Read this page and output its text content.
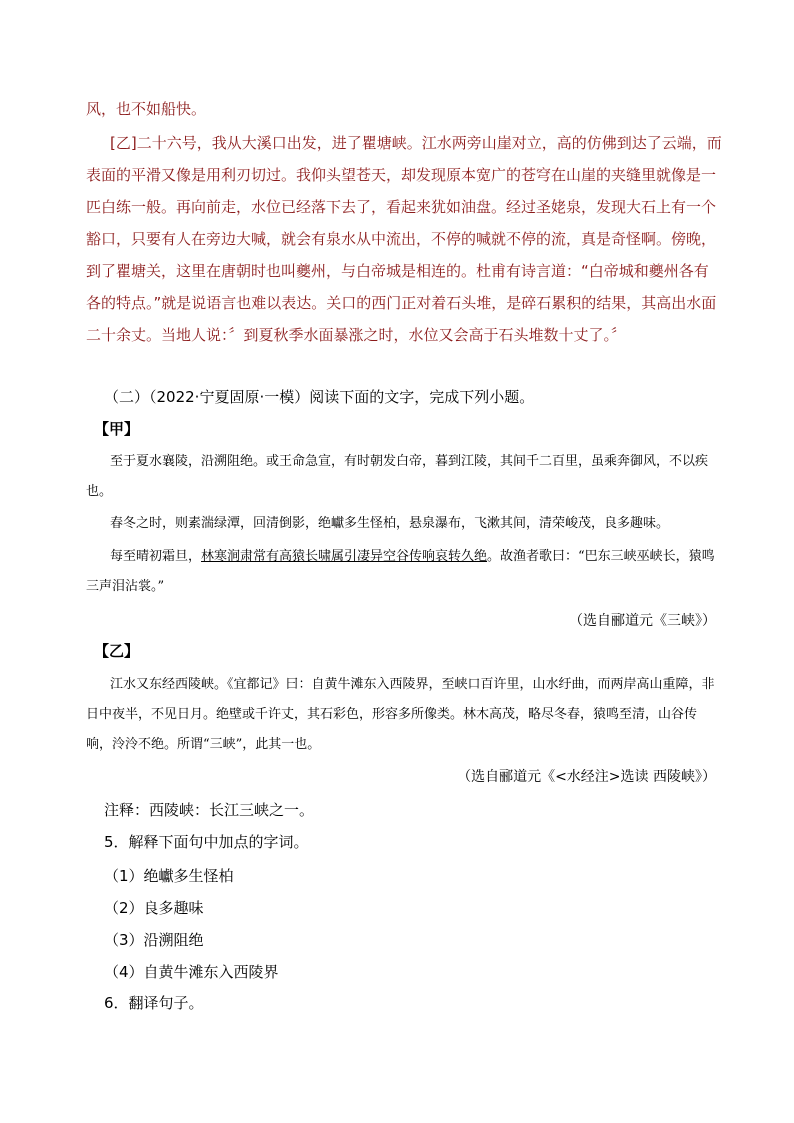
风，也不如船快。

[乙]二十六号，我从大溪口出发，进了瞿塘峡。江水两旁山崖对立，高的仿佛到达了云端，而表面的平滑又像是用利刃切过。我仰头望苍天，却发现原本宽广的苍穹在山崖的夹缝里就像是一匹白练一般。再向前走，水位已经落下去了，看起来犹如油盘。经过圣姥泉，发现大石上有一个豁口，只要有人在旁边大喊，就会有泉水从中流出，不停的喊就不停的流，真是奇怪啊。傍晚，到了瞿塘关，这里在唐朝时也叫夔州，与白帝城是相连的。杜甫有诗言道：“白帝城和夔州各有各的特点。”就是说语言也难以表达。关口的西门正对着石头堆，是碎石累积的结果，其高出水面二十余丈。当地人说：〞到夏秋季水面暴涨之时，水位又会高于石头堆数十丈了。〞

（二）（2022·宁夏固原·一模）阅读下面的文字，完成下列小题。

【甲】

至于夏水襄陵，沿溯阻绝。或王命急宣，有时朝发白帝，暮到江陵，其间千二百里，虽乘奔御风，不以疾也。

春冬之时，则素湍绿潭，回清倒影，绝巘多生怪柏，悬泉瀑布，飞漱其间，清荣峻茂，良多趣味。

每至晴初霜旦，林寒涧肃常有高猿长啸属引凄异空谷传响哀转久绝。故渔者歌曰：“巴东三峡巫峡长，猿鸣三声泪沾裳。”

（选自郦道元《三峡》）

【乙】

江水又东经西陵峡。《宜都记》曰：自黄牛滩东入西陵界，至峡口百许里，山水纡曲，而两岸高山重障，非日中夜半，不见日月。绝壁或千许丈，其石彩色，形容多所像类。林木高茂，略尽冬春，猿鸣至清，山谷传响，泠泠不绝。所谓“三峡”，此其一也。

（选自郦道元《<水经注>选读 西陵峡》）

注释：西陵峡：长江三峡之一。

5．解释下面句中加点的字词。

（1）绝巘多生怪柏

（2）良多趣味

（3）沿溯阻绝

（4）自黄牛滩东入西陵界

6．翻译句子。
